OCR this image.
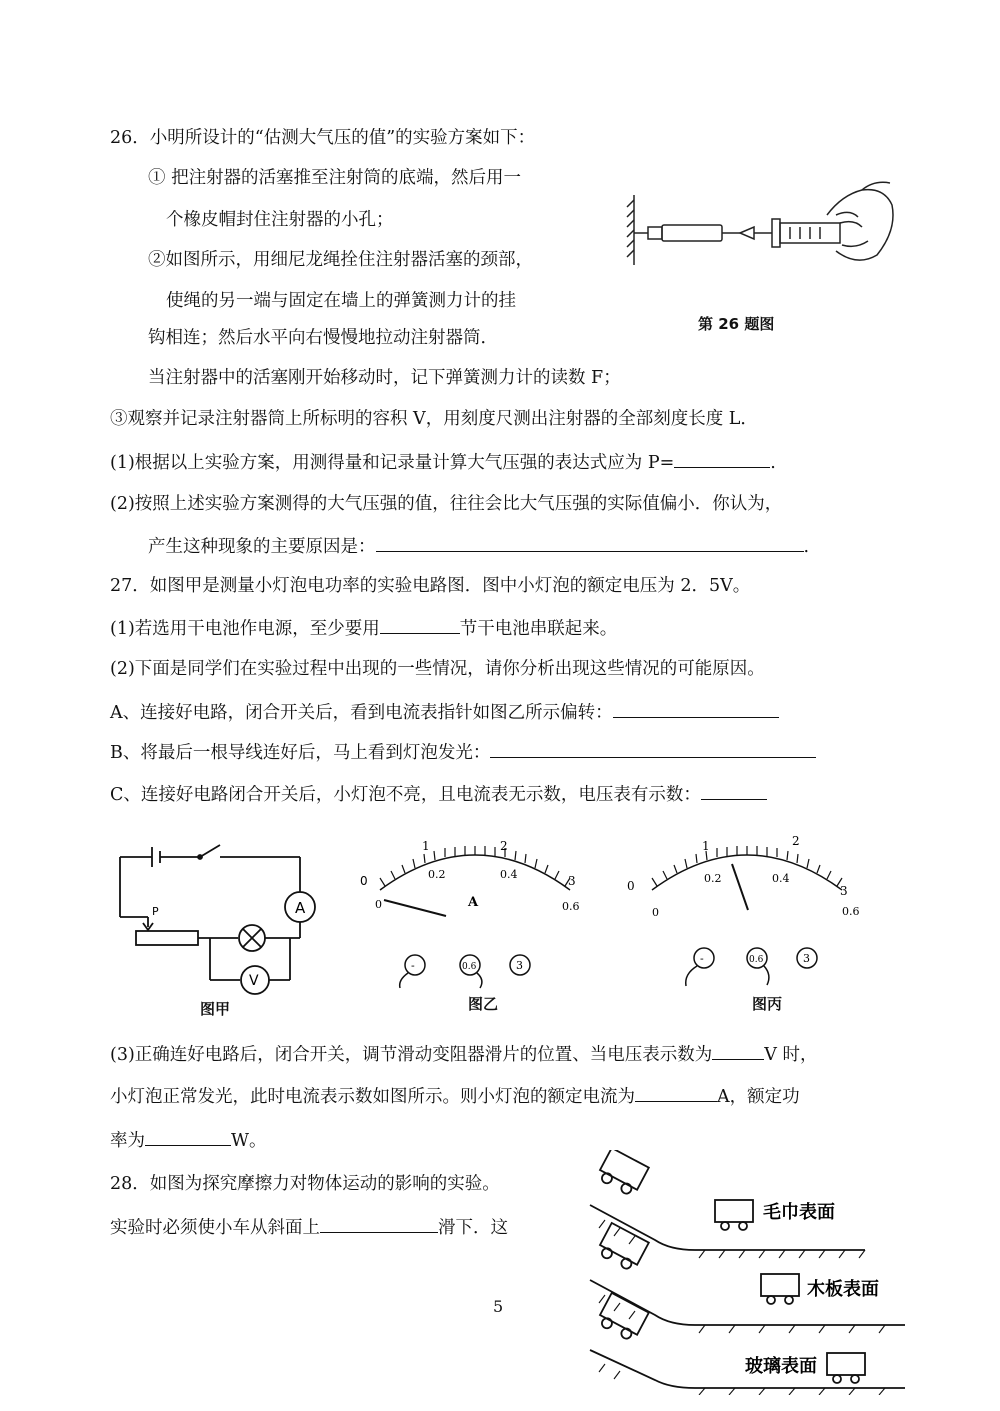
26．小明所设计的“估测大气压的值”的实验方案如下：
① 把注射器的活塞推至注射筒的底端，然后用一
个橡皮帽封住注射器的小孔；
②如图所示，用细尼龙绳拴住注射器活塞的颈部，
使绳的另一端与固定在墙上的弹簧测力计的挂
钩相连；然后水平向右慢慢地拉动注射器筒．
当注射器中的活塞刚开始移动时，记下弹簧测力计的读数 F；
③观察并记录注射器筒上所标明的容积 V，用刻度尺测出注射器的全部刻度长度 L．
(1)根据以上实验方案，用测得量和记录量计算大气压强的表达式应为 P=	.
(2)按照上述实验方案测得的大气压强的值，往往会比大气压强的实际值偏小．你认为，
产生这种现象的主要原因是：	.
第 26 题图
27．如图甲是测量小灯泡电功率的实验电路图．图中小灯泡的额定电压为 2．5V。
(1)若选用干电池作电源，至少要用	节干电池串联起来。
(2)下面是同学们在实验过程中出现的一些情况，请你分析出现这些情况的可能原因。
A、连接好电路，闭合开关后，看到电流表指针如图乙所示偏转：
B、将最后一根导线连好后，马上看到灯泡发光：
C、连接好电路闭合开关后，小灯泡不亮，且电流表无示数，电压表有示数：
A
V
P
图甲
0
1	2
3
0
0.2	0.4
0.6
A
-	0.6	3
图乙
0
1	2
3
0
0.2	0.4
0.6
-	0.6	3
图丙
(3)正确连好电路后，闭合开关，调节滑动变阻器滑片的位置、当电压表示数为	V 时，
小灯泡正常发光，此时电流表示数如图所示。则小灯泡的额定电流为	A，额定功
率为	W。
28．如图为探究摩擦力对物体运动的影响的实验。
实验时必须使小车从斜面上	滑下．这
毛巾表面
木板表面
玻璃表面
5
